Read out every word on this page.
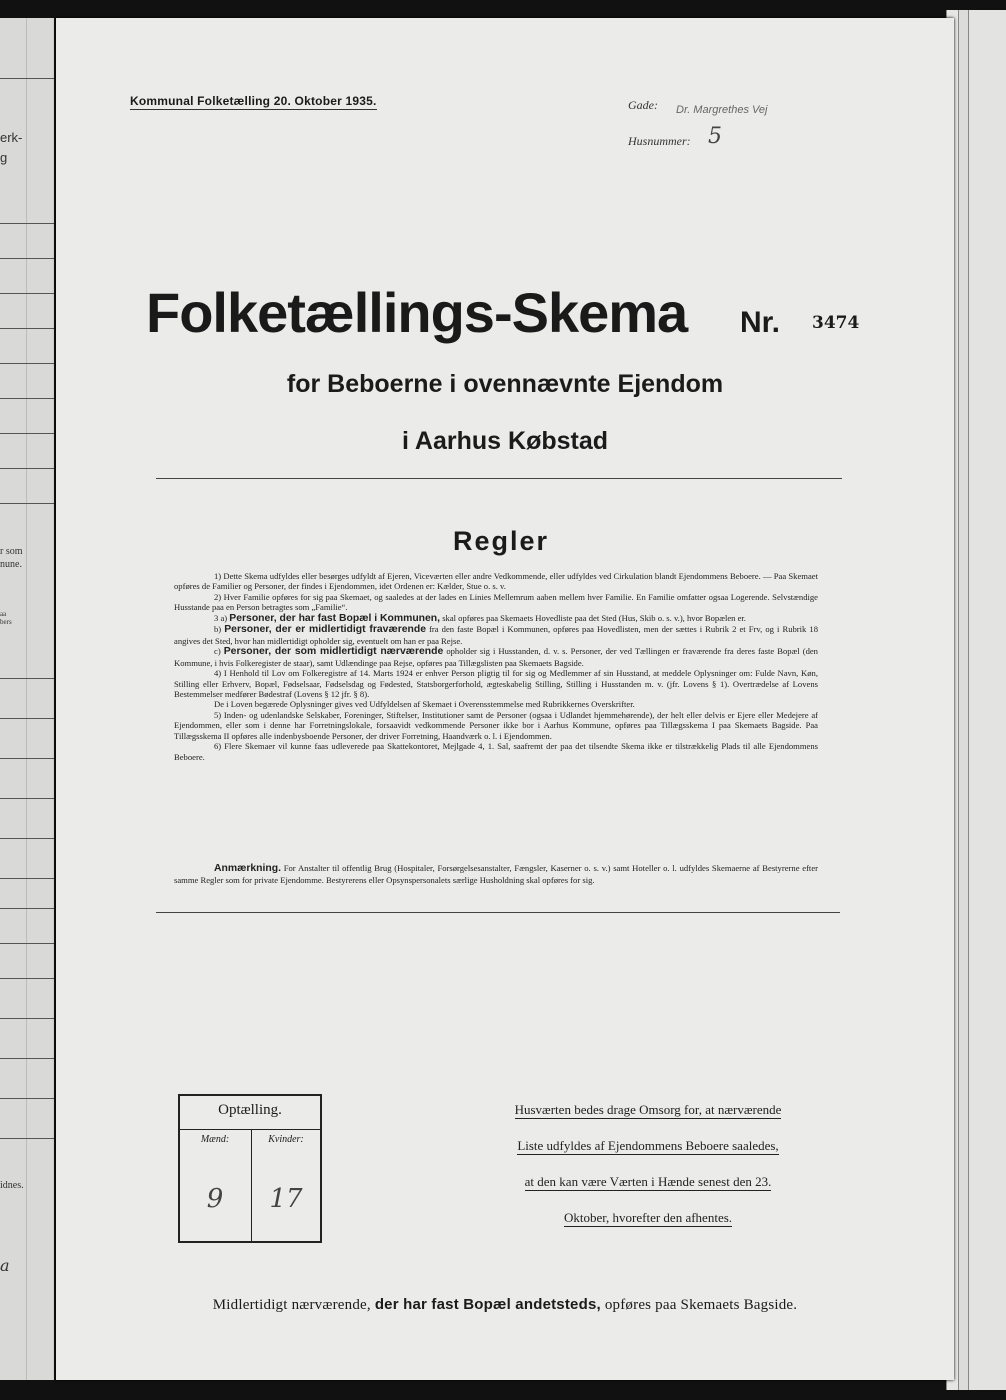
erk-
g
r som
nune.
aa
bers
idnes.
a
Kommunal Folketælling 20. Oktober 1935.	Gade: Dr. Margrethes Vej
Husnummer: 5
Folketællings-Skema Nr. 3474
for Beboerne i ovennævnte Ejendom
i Aarhus Købstad
Regler

1) Dette Skema udfyldes eller besørges udfyldt af Ejeren, Viceværten eller andre Vedkommende, eller udfyldes ved Cirkulation blandt Ejendommens Beboere. — Paa Skemaet opføres de Familier og Personer, der findes i Ejendommen, idet Ordenen er: Kælder, Stue o. s. v.

2) Hver Familie opføres for sig paa Skemaet, og saaledes at der lades en Linies Mellemrum aaben mellem hver Familie. En Familie omfatter ogsaa Logerende. Selvstændige Husstande paa en Person betragtes som „Familie“.

3 a) Personer, der har fast Bopæl i Kommunen, skal opføres paa Skemaets Hovedliste paa det Sted (Hus, Skib o. s. v.), hvor Bopælen er.

b) Personer, der er midlertidigt fraværende fra den faste Bopæl i Kommunen, opføres paa Hovedlisten, men der sættes i Rubrik 2 et Frv, og i Rubrik 18 angives det Sted, hvor han midlertidigt opholder sig, eventuelt om han er paa Rejse.

c) Personer, der som midlertidigt nærværende opholder sig i Husstanden, d. v. s. Personer, der ved Tællingen er fraværende fra deres faste Bopæl (den Kommune, i hvis Folkeregister de staar), samt Udlændinge paa Rejse, opføres paa Tillægslisten paa Skemaets Bagside.

4) I Henhold til Lov om Folkeregistre af 14. Marts 1924 er enhver Person pligtig til for sig og Medlemmer af sin Husstand, at meddele Oplysninger om: Fulde Navn, Køn, Stilling eller Erhverv, Bopæl, Fødselsaar, Fødselsdag og Fødested, Statsborgerforhold, ægteskabelig Stilling, Stilling i Husstanden m. v. (jfr. Lovens § 1). Overtrædelse af Lovens Bestemmelser medfører Bødestraf (Lovens § 12 jfr. § 8).

De i Loven begærede Oplysninger gives ved Udfyldelsen af Skemaet i Overensstemmelse med Rubrikkernes Overskrifter.

5) Inden- og udenlandske Selskaber, Foreninger, Stiftelser, Institutioner samt de Personer (ogsaa i Udlandet hjemmehørende), der helt eller delvis er Ejere eller Medejere af Ejendommen, eller som i denne har Forretningslokale, forsaavidt vedkommende Personer ikke bor i Aarhus Kommune, opføres paa Tillægsskema I paa Skemaets Bagside. Paa Tillægsskema II opføres alle indenbysboende Personer, der driver Forretning, Haandværk o. l. i Ejendommen.

6) Flere Skemaer vil kunne faas udleverede paa Skattekontoret, Mejlgade 4, 1. Sal, saafremt der paa det tilsendte Skema ikke er tilstrækkelig Plads til alle Ejendommens Beboere.

Anmærkning. For Anstalter til offentlig Brug (Hospitaler, Forsørgelsesanstalter, Fængsler, Kaserner o. s. v.) samt Hoteller o. l. udfyldes Skemaerne af Bestyrerne efter samme Regler som for private Ejendomme. Bestyrerens eller Opsynspersonalets særlige Husholdning skal opføres for sig.

Optælling.
Mænd:	Kvinder:
9	17
Husværten bedes drage Omsorg for, at nærværende
Liste udfyldes af Ejendommens Beboere saaledes,
at den kan være Værten i Hænde senest den 23.
Oktober, hvorefter den afhentes.
Midlertidigt nærværende, der har fast Bopæl andetsteds, opføres paa Skemaets Bagside.
